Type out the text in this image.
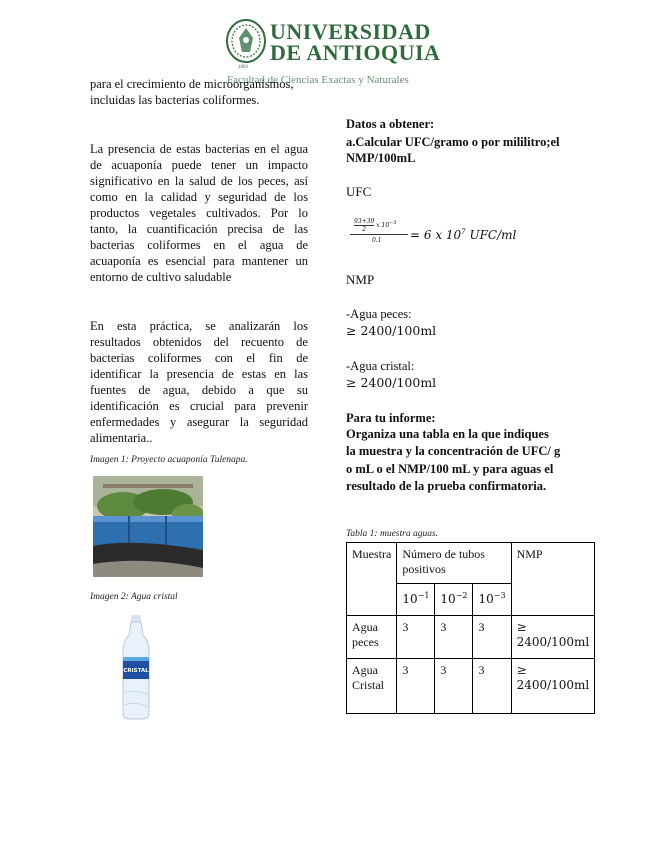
UNIVERSIDAD
DE ANTIOQUIA
1803
Facultad de Ciencias Exactas y Naturales
para el crecimiento de microorganismos, incluidas las bacterias coliformes.
La presencia de estas bacterias en el agua de acuaponía puede tener un impacto significativo en la salud de los peces, así como en la calidad y seguridad de los productos vegetales cultivados. Por lo tanto, la cuantificación precisa de las bacterias coliformes en el agua de acuaponía es esencial para mantener un entorno de cultivo saludable
En esta práctica, se analizarán los resultados obtenidos del recuento de bacterias coliformes con el fin de identificar la presencia de estas en las fuentes de agua, debido a que su identificación es crucial para prevenir enfermedades y asegurar la seguridad alimentaria..
Imagen 1: Proyecto acuaponía Tulenapa.
Imagen 2: Agua cristal
CRISTAL
Datos a obtener:
a.Calcular UFC/gramo o por mililitro;el NMP/100mL
UFC
$\frac{93+39}{2}$ x $10^{-5}$
0.1 = 6 x $10^7$ UFC/ml
NMP
-Agua peces:
≥ 2400/100ml
-Agua cristal:
≥ 2400/100ml
Para tu informe:
Organiza una tabla en la que indiques la muestra y la concentración de UFC/ g o mL o el NMP/100 mL y para aguas el resultado de la prueba confirmatoria.
Tabla 1: muestra aguas.
Muestra	Número de tubos positivos			NMP
	$10^{-1}$	$10^{-2}$	$10^{-3}$
Agua peces	3	3	3	≥ 2400/100ml
Agua Cristal	3	3	3	≥ 2400/100ml
